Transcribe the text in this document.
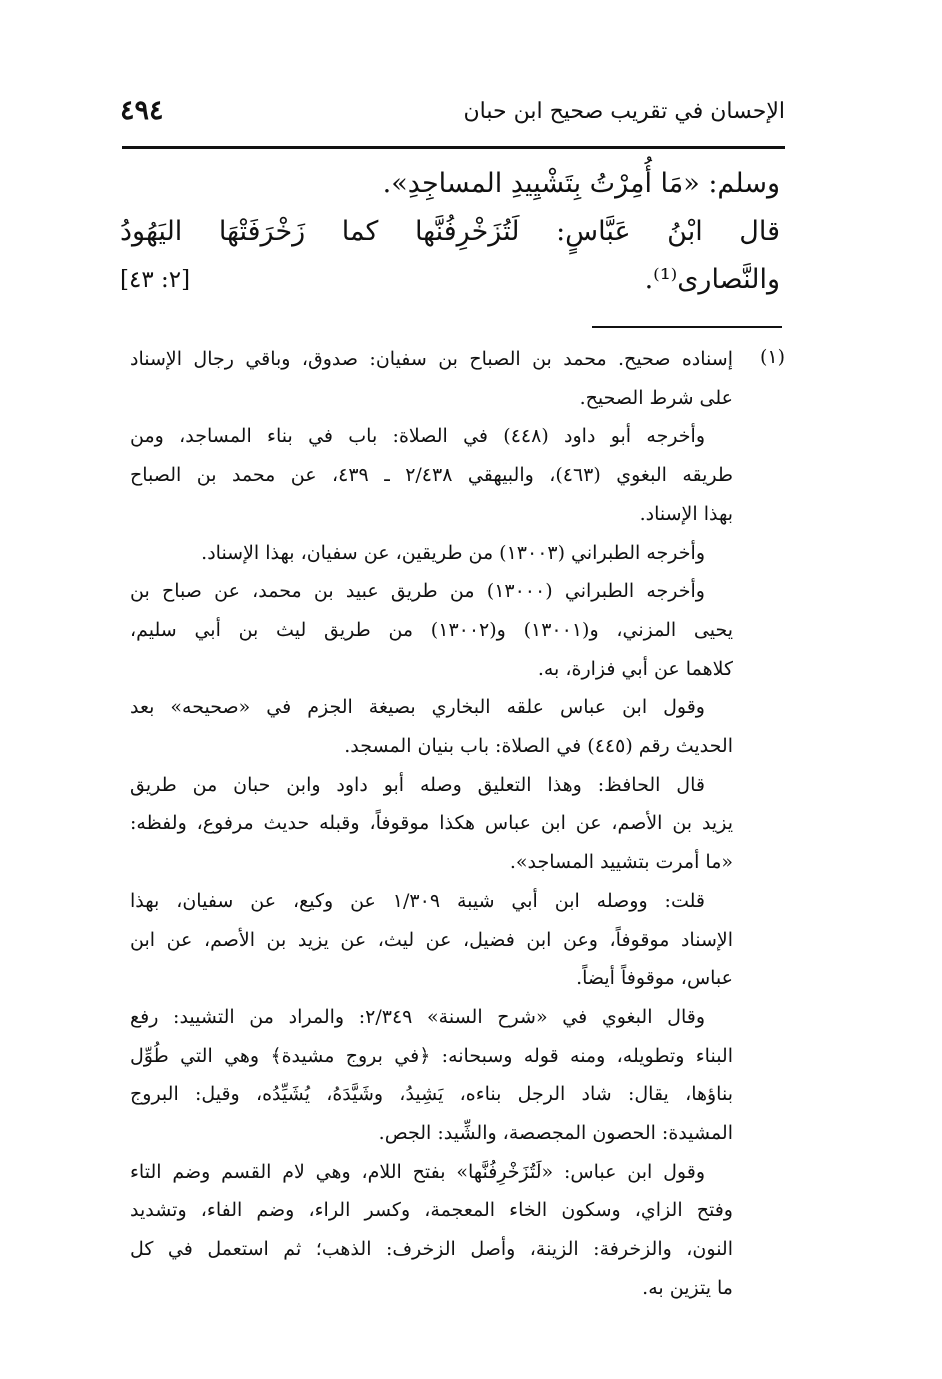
الإحسان في تقريب صحيح ابن حبان
٤٩٤
وسلم: «مَا أُمِرْتُ بِتَشْيِيدِ المساجِدِ».
قال ابْنُ عَبَّاسٍ: لَتُزَخْرِفُنَّها كما زَخْرَفَتْهَا اليَهُودُ
والنَّصارى⁽¹⁾.
[٢: ٤٣]
(١)
إسناده صحيح. محمد بن الصباح بن سفيان: صدوق، وباقي رجال الإسناد
على شرط الصحيح.
وأخرجه أبو داود (٤٤٨) في الصلاة: باب في بناء المساجد، ومن
طريقه البغوي (٤٦٣)، والبيهقي ٢/٤٣٨ ـ ٤٣٩، عن محمد بن الصباح
بهذا الإسناد.
وأخرجه الطبراني (١٣٠٠٣) من طريقين، عن سفيان، بهذا الإسناد.
وأخرجه الطبراني (١٣٠٠٠) من طريق عبيد بن محمد، عن صباح بن
يحيى المزني، و(١٣٠٠١) و(١٣٠٠٢) من طريق ليث بن أبي سليم،
كلاهما عن أبي فزارة، به.
وقول ابن عباس علقه البخاري بصيغة الجزم في «صحيحه» بعد
الحديث رقم (٤٤٥) في الصلاة: باب بنيان المسجد.
قال الحافظ: وهذا التعليق وصله أبو داود وابن حبان من طريق
يزيد بن الأصم، عن ابن عباس هكذا موقوفاً، وقبله حديث مرفوع، ولفظه:
«ما أمرت بتشييد المساجد».
قلت: ووصله ابن أبي شيبة ١/٣٠٩ عن وكيع، عن سفيان، بهذا
الإسناد موقوفاً، وعن ابن فضيل، عن ليث، عن يزيد بن الأصم، عن ابن
عباس، موقوفاً أيضاً.
وقال البغوي في «شرح السنة» ٢/٣٤٩: والمراد من التشييد: رفع
البناء وتطويله، ومنه قوله وسبحانه: ﴿في بروج مشيدة﴾ وهي التي طُوِّل
بناؤها، يقال: شاد الرجل بناءه، يَشِيدُ، وشَيَّدَهُ، يُشَيِّدُه، وقيل: البروج
المشيدة: الحصون المجصصة، والشِّيد: الجص.
وقول ابن عباس: «لَتُزَخْرِفُنَّها» بفتح اللام، وهي لام القسم وضم التاء
وفتح الزاي، وسكون الخاء المعجمة، وكسر الراء، وضم الفاء، وتشديد
النون، والزخرفة: الزينة، وأصل الزخرف: الذهب؛ ثم استعمل في كل
ما يتزين به.
